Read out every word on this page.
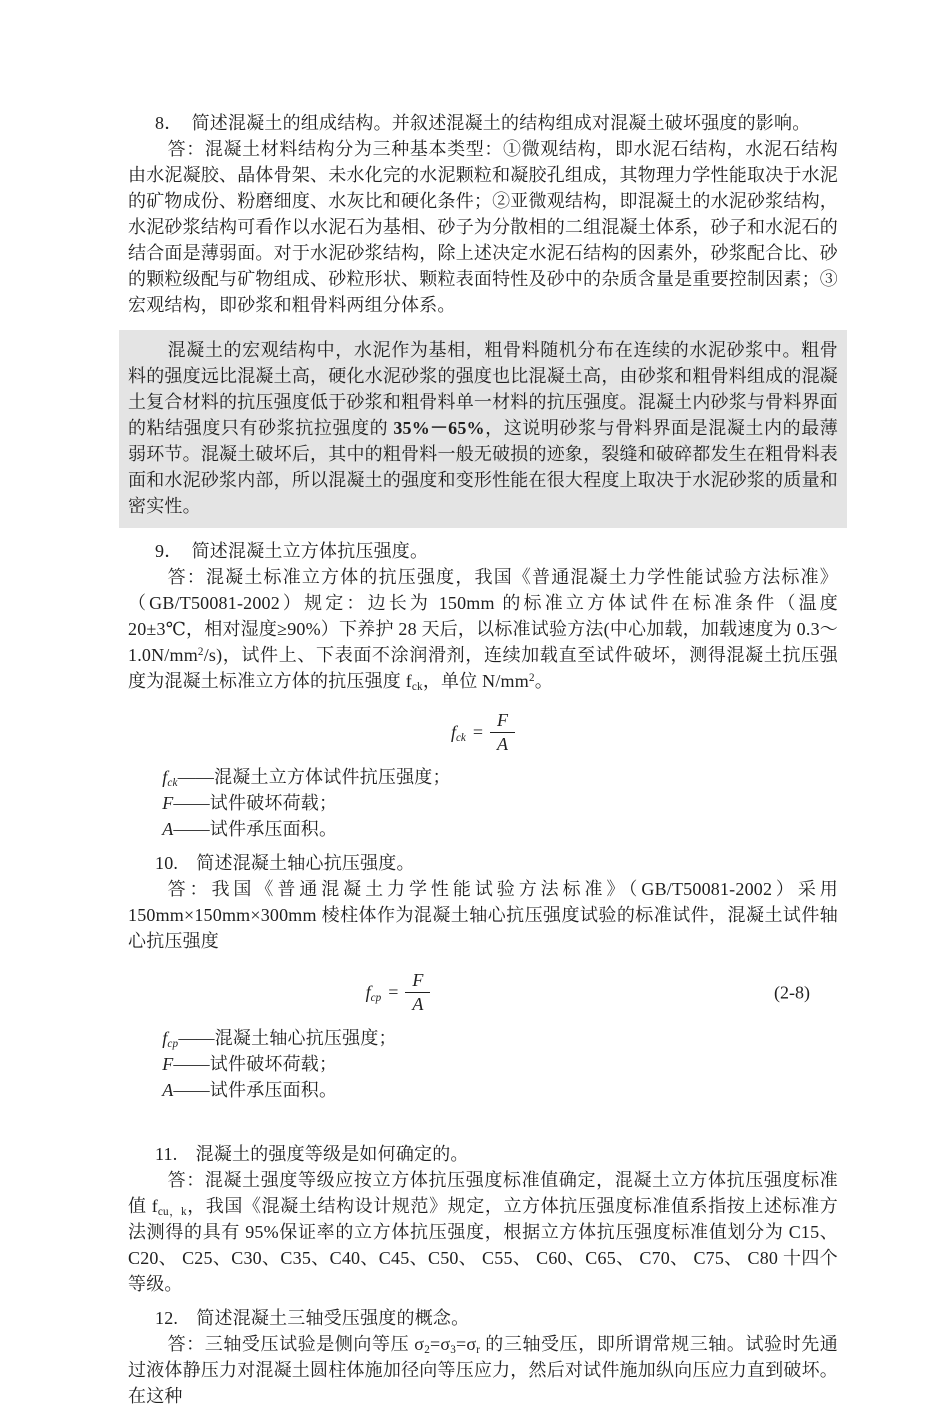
8．　简述混凝土的组成结构。并叙述混凝土的结构组成对混凝土破坏强度的影响。

答：混凝土材料结构分为三种基本类型：①微观结构，即水泥石结构，水泥石结构由水泥凝胶、晶体骨架、未水化完的水泥颗粒和凝胶孔组成，其物理力学性能取决于水泥的矿物成份、粉磨细度、水灰比和硬化条件；②亚微观结构，即混凝土的水泥砂浆结构，水泥砂浆结构可看作以水泥石为基相、砂子为分散相的二组混凝土体系，砂子和水泥石的结合面是薄弱面。对于水泥砂浆结构，除上述决定水泥石结构的因素外，砂浆配合比、砂的颗粒级配与矿物组成、砂粒形状、颗粒表面特性及砂中的杂质含量是重要控制因素；③宏观结构，即砂浆和粗骨料两组分体系。

混凝土的宏观结构中，水泥作为基相，粗骨料随机分布在连续的水泥砂浆中。粗骨料的强度远比混凝土高，硬化水泥砂浆的强度也比混凝土高，由砂浆和粗骨料组成的混凝土复合材料的抗压强度低于砂浆和粗骨料单一材料的抗压强度。混凝土内砂浆与骨料界面的粘结强度只有砂浆抗拉强度的 35%－65%，这说明砂浆与骨料界面是混凝土内的最薄弱环节。混凝土破坏后，其中的粗骨料一般无破损的迹象，裂缝和破碎都发生在粗骨料表面和水泥砂浆内部，所以混凝土的强度和变形性能在很大程度上取决于水泥砂浆的质量和密实性。

9．　简述混凝土立方体抗压强度。

答：混凝土标准立方体的抗压强度，我国《普通混凝土力学性能试验方法标准》（GB/T50081-2002）规定：边长为 150mm 的标准立方体试件在标准条件（温度 20±3℃，相对湿度≥90%）下养护 28 天后，以标准试验方法(中心加载，加载速度为 $0.3\sim 1.0N/mm^2/s$)，试件上、下表面不涂润滑剂，连续加载直至试件破坏，测得混凝土抗压强度为混凝土标准立方体的抗压强度 $f_{ck}$，单位 $N/mm^2$。

$f_{ck} = \frac{F}{A}$

$f_{ck}——$混凝土立方体试件抗压强度；

F——试件破坏荷载；

A——试件承压面积。

10.　简述混凝土轴心抗压强度。

答：我国《普通混凝土力学性能试验方法标准》（GB/T50081-2002）采用 150mm×150mm×300mm 棱柱体作为混凝土轴心抗压强度试验的标准试件，混凝土试件轴心抗压强度

$f_{cp} = \frac{F}{A}$	(2-8)

$f_{cp}——$混凝土轴心抗压强度；

F——试件破坏荷载；

A——试件承压面积。

11.　混凝土的强度等级是如何确定的。

答：混凝土强度等级应按立方体抗压强度标准值确定，混凝土立方体抗压强度标准值 $f_{cu,k}$，我国《混凝土结构设计规范》规定，立方体抗压强度标准值系指按上述标准方法测得的具有 95%保证率的立方体抗压强度，根据立方体抗压强度标准值划分为 C15、C20、 C25、C30、C35、C40、C45、C50、 C55、 C60、C65、 C70、 C75、 C80 十四个等级。

12.　简述混凝土三轴受压强度的概念。

答：三轴受压试验是侧向等压 $\sigma_2=\sigma_3=\sigma_r$ 的三轴受压，即所谓常规三轴。试验时先通过液体静压力对混凝土圆柱体施加径向等压应力，然后对试件施加纵向压应力直到破坏。在这种
